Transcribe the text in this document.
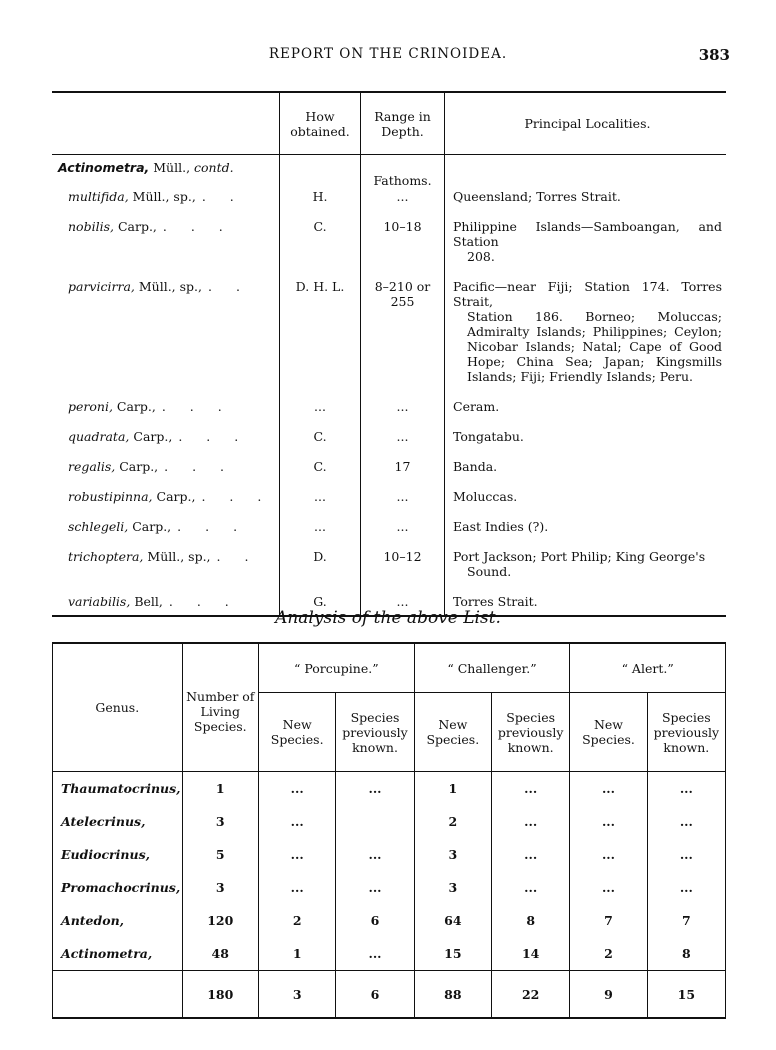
REPORT ON THE CRINOIDEA.	383
	How obtained.	Range in Depth.	Principal Localities.
Actinometra, Müll., contd.		Fathoms.	
multifida, Müll., sp., . .	H.	...	Queensland; Torres Strait.

nobilis, Carp., . . .	C.	10–18	Philippine Islands—Samboangan, and Station
208.

parvicirra, Müll., sp., . .	D. H. L.	8–210 or 255	Pacific—near Fiji; Station 174. Torres Strait,
Station 186. Borneo; Moluccas; Admiralty Islands; Philippines; Ceylon; Nicobar Islands; Natal; Cape of Good Hope; China Sea; Japan; Kingsmills Islands; Fiji; Friendly Islands; Peru.

peroni, Carp., . . .	...	...	Ceram.

quadrata, Carp., . . .	C.	...	Tongatabu.

regalis, Carp., . . .	C.	17	Banda.

robustipinna, Carp., . . .	...	...	Moluccas.

schlegeli, Carp., . . .	...	...	East Indies (?).

trichoptera, Müll., sp., . .	D.	10–12	Port Jackson; Port Philip; King George's
Sound.

variabilis, Bell, . . .	G.	...	Torres Strait.
Analysis of the above List.
Genus.	Number of Living Species.	“ Porcupine.”		“ Challenger.”		“ Alert.”	
		New Species.	Species previously known.	New Species.	Species previously known.	New Species.	Species previously known.
Thaumatocrinus,	1	...	...	1	...	...	...
Atelecrinus,	3	...		2	...	...	...
Eudiocrinus,	5	...	...	3	...	...	...
Promachocrinus,	3	...	...	3	...	...	...
Antedon,	120	2	6	64	8	7	7
Actinometra,	48	1	...	15	14	2	8
	180	3	6	88	22	9	15
